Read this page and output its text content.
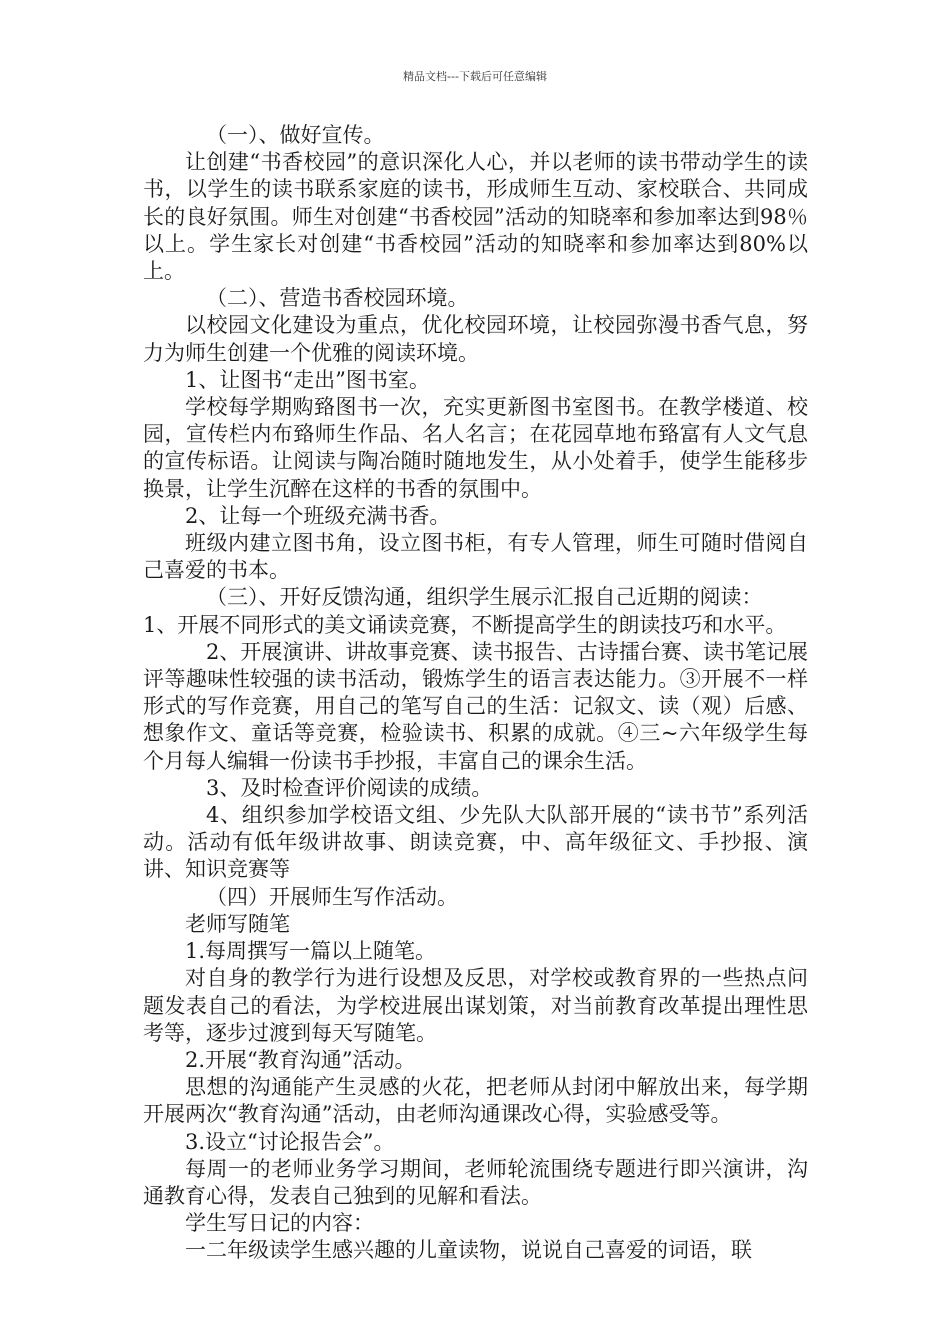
精品文档---下载后可任意编辑

（一）、做好宣传。

让创建“书香校园”的意识深化人心，并以老师的读书带动学生的读书，以学生的读书联系家庭的读书，形成师生互动、家校联合、共同成长的良好氛围。师生对创建“书香校园”活动的知晓率和参加率达到98％以上。学生家长对创建“书香校园”活动的知晓率和参加率达到80%以上。

（二）、营造书香校园环境。

以校园文化建设为重点，优化校园环境，让校园弥漫书香气息，努力为师生创建一个优雅的阅读环境。

1、让图书“走出”图书室。

学校每学期购臵图书一次，充实更新图书室图书。在教学楼道、校园，宣传栏内布臵师生作品、名人名言；在花园草地布臵富有人文气息的宣传标语。让阅读与陶冶随时随地发生，从小处着手，使学生能移步换景，让学生沉醉在这样的书香的氛围中。

2、让每一个班级充满书香。

班级内建立图书角，设立图书柜，有专人管理，师生可随时借阅自己喜爱的书本。

（三）、开好反馈沟通，组织学生展示汇报自己近期的阅读：

1、开展不同形式的美文诵读竞赛，不断提高学生的朗读技巧和水平。

2、开展演讲、讲故事竞赛、读书报告、古诗擂台赛、读书笔记展评等趣味性较强的读书活动，锻炼学生的语言表达能力。③开展不一样形式的写作竞赛，用自己的笔写自己的生活：记叙文、读（观）后感、想象作文、童话等竞赛，检验读书、积累的成就。④三~六年级学生每个月每人编辑一份读书手抄报，丰富自己的课余生活。

3、及时检查评价阅读的成绩。

4、组织参加学校语文组、少先队大队部开展的“读书节”系列活动。活动有低年级讲故事、朗读竞赛，中、高年级征文、手抄报、演讲、知识竞赛等

（四）开展师生写作活动。

老师写随笔

1.每周撰写一篇以上随笔。

对自身的教学行为进行设想及反思，对学校或教育界的一些热点问题发表自己的看法，为学校进展出谋划策，对当前教育改革提出理性思考等，逐步过渡到每天写随笔。

2.开展“教育沟通”活动。

思想的沟通能产生灵感的火花，把老师从封闭中解放出来，每学期开展两次“教育沟通”活动，由老师沟通课改心得，实验感受等。

3.设立“讨论报告会”。

每周一的老师业务学习期间，老师轮流围绕专题进行即兴演讲，沟通教育心得，发表自己独到的见解和看法。

学生写日记的内容：

一二年级读学生感兴趣的儿童读物，说说自己喜爱的词语，联
